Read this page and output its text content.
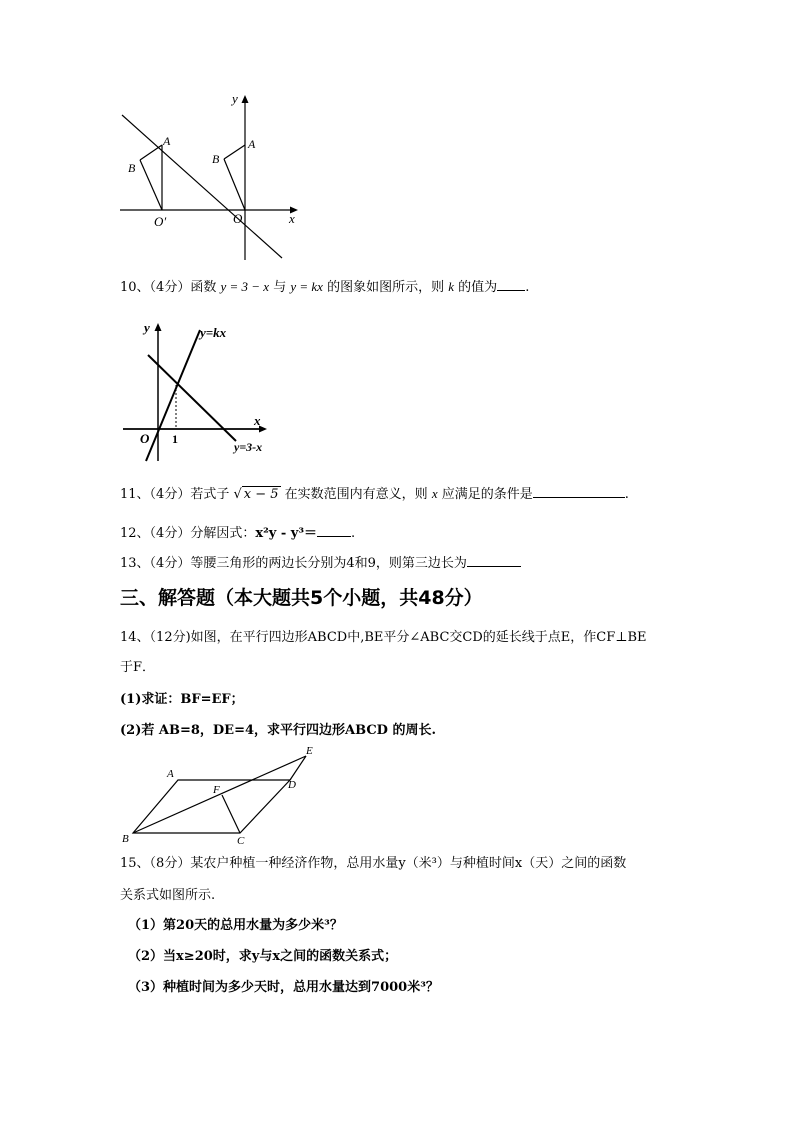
y
x
A
B
O′	O
A
B
10、（4分）函数 y = 3 − x 与 y = kx 的图象如图所示，则 k 的值为 .
y	y=kx
x
O 1
y=3-x
11、（4分）若式子 √ x − 5 在实数范围内有意义，则 x 应满足的条件是	.
12、（4分）分解因式：x²y - y³＝	.
13、（4分）等腰三角形的两边长分别为4和9，则第三边长为
三、解答题（本大题共5个小题，共48分）
14、（12分)如图，在平行四边形ABCD中,BE平分∠ABC交CD的延长线于点E，作CF⊥BE
于F．
(1)求证：BF=EF；
(2)若 AB=8，DE=4，求平行四边形ABCD 的周长.
A
B	C
D
E
F
15、（8分）某农户种植一种经济作物，总用水量y（米³）与种植时间x（天）之间的函数
关系式如图所示.
（1）第20天的总用水量为多少米³？
（2）当x≥20时，求y与x之间的函数关系式；
（3）种植时间为多少天时，总用水量达到7000米³？
